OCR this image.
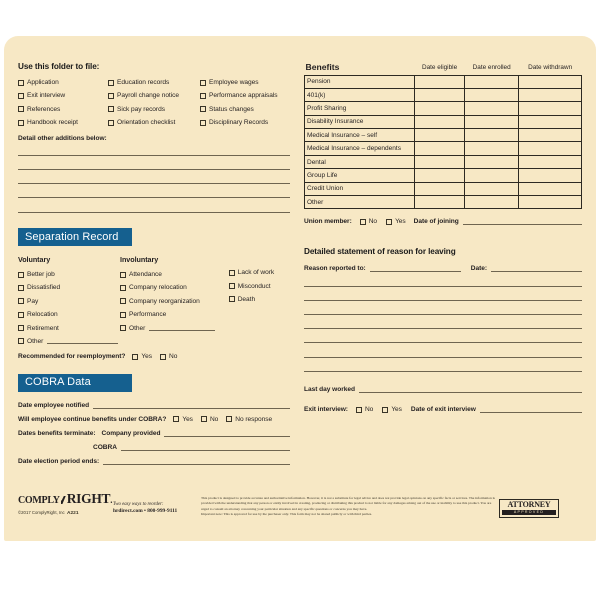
Use this folder to file:
Application
Exit interview
References
Handbook receipt
Education records
Payroll change notice
Sick pay records
Orientation checklist
Employee wages
Performance appraisals
Status changes
Disciplinary Records
Detail other additions below:
Separation Record
Voluntary
Better job
Dissatisfied
Pay
Relocation
Retirement
Other
Involuntary
Attendance
Company relocation
Company reorganization
Performance
Other
Lack of work
Misconduct
Death
Recommended for reemployment? Yes	No
COBRA Data
Date employee notified
Will employee continue benefits under COBRA? Yes	No	No response
Dates benefits terminate: Company provided
COBRA
Date election period ends:
Benefits	Date eligible	Date enrolled	Date withdrawn
Pension			
401(k)			
Profit Sharing			
Disability Insurance			
Medical Insurance – self			
Medical Insurance – dependents			
Dental			
Group Life			
Credit Union			
Other			
Union member:	No	Yes Date of joining
Detailed statement of reason for leaving
Reason reported to:	Date:
Last day worked
Exit interview:	No	Yes Date of exit interview
COMPLY RIGHT.
©2017 ComplyRight, Inc A221
Two easy ways to reorder:
hrdirect.com • 800-999-9111
This product is designed to provide accurate and authoritative information. However, it is not a substitute for legal advice and does not provide legal opinions on any specific facts or services. The information is provided with the understanding that any person or entity involved in creating, producing or distributing this product is not liable for any damages arising out of the use or inability to use this product. You are urged to consult an attorney concerning your particular situation and any specific questions or concerns you may have.
Important note: This is approved for use by the purchaser only. This form may not be shared publicly or with third parties.
ATTORNEY
APPROVED
